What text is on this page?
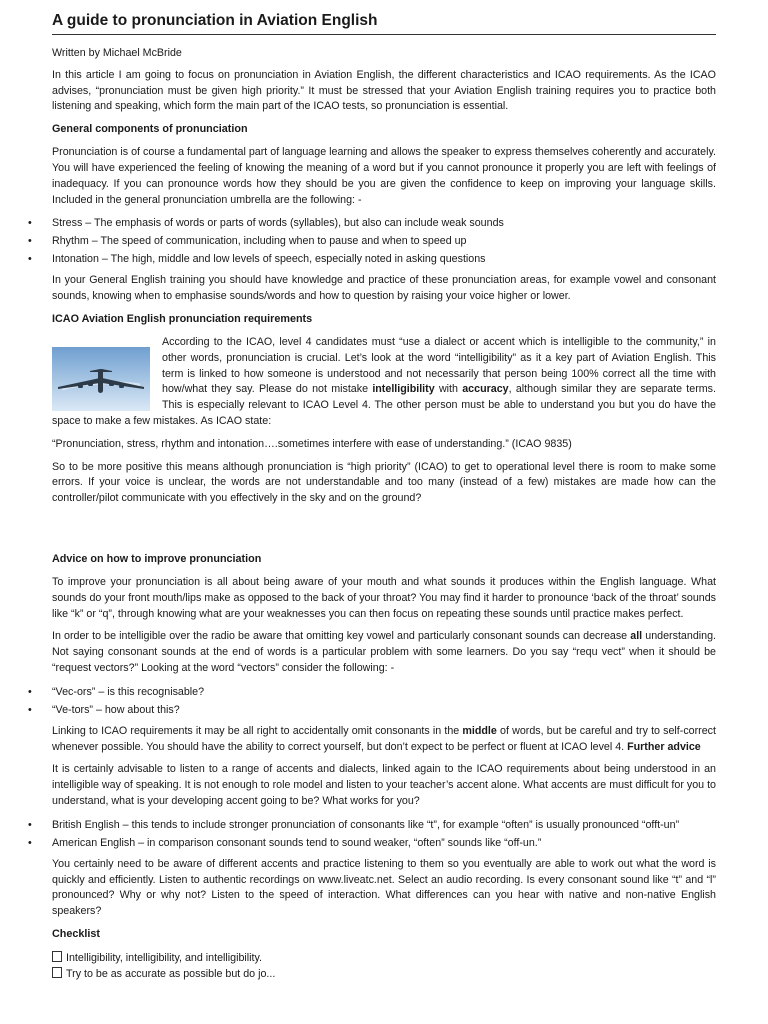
A guide to pronunciation in Aviation English

Written by Michael McBride

In this article I am going to focus on pronunciation in Aviation English, the different characteristics and ICAO requirements. As the ICAO advises, “pronunciation must be given high priority.” It must be stressed that your Aviation English training requires you to practice both listening and speaking, which form the main part of the ICAO tests, so pronunciation is essential.

General components of pronunciation

Pronunciation is of course a fundamental part of language learning and allows the speaker to express themselves coherently and accurately. You will have experienced the feeling of knowing the meaning of a word but if you cannot pronounce it properly you are left with feelings of inadequacy. If you can pronounce words how they should be you are given the confidence to keep on improving your language skills. Included in the general pronunciation umbrella are the following: -

• Stress – The emphasis of words or parts of words (syllables), but also can include weak sounds
• Rhythm – The speed of communication, including when to pause and when to speed up
• Intonation – The high, middle and low levels of speech, especially noted in asking questions

In your General English training you should have knowledge and practice of these pronunciation areas, for example vowel and consonant sounds, knowing when to emphasise sounds/words and how to question by raising your voice higher or lower.

ICAO Aviation English pronunciation requirements

According to the ICAO, level 4 candidates must “use a dialect or accent which is intelligible to the community,” in other words, pronunciation is crucial. Let’s look at the word “intelligibility” as it a key part of Aviation English. This term is linked to how someone is understood and not necessarily that person being 100% correct all the time with how/what they say. Please do not mistake intelligibility with accuracy, although similar they are separate terms. This is especially relevant to ICAO Level 4. The other person must be able to understand you but you do have the space to make a few mistakes. As ICAO state:

“Pronunciation, stress, rhythm and intonation….sometimes interfere with ease of understanding.” (ICAO 9835)

So to be more positive this means although pronunciation is “high priority” (ICAO) to get to operational level there is room to make some errors. If your voice is unclear, the words are not understandable and too many (instead of a few) mistakes are made how can the controller/pilot communicate with you effectively in the sky and on the ground?

Advice on how to improve pronunciation

To improve your pronunciation is all about being aware of your mouth and what sounds it produces within the English language. What sounds do your front mouth/lips make as opposed to the back of your throat? You may find it harder to pronounce ‘back of the throat’ sounds like “k” or “q”, through knowing what are your weaknesses you can then focus on repeating these sounds until practice makes perfect.

In order to be intelligible over the radio be aware that omitting key vowel and particularly consonant sounds can decrease all understanding. Not saying consonant sounds at the end of words is a particular problem with some learners. Do you say “requ vect” when it should be “request vectors?” Looking at the word “vectors” consider the following: -

• “Vec-ors” – is this recognisable?
• “Ve-tors” – how about this?

Linking to ICAO requirements it may be all right to accidentally omit consonants in the middle of words, but be careful and try to self-correct whenever possible. You should have the ability to correct yourself, but don’t expect to be perfect or fluent at ICAO level 4. Further advice

It is certainly advisable to listen to a range of accents and dialects, linked again to the ICAO requirements about being understood in an intelligible way of speaking. It is not enough to role model and listen to your teacher’s accent alone. What accents are must difficult for you to understand, what is your developing accent going to be? What works for you?

• British English – this tends to include stronger pronunciation of consonants like “t”, for example “often” is usually pronounced “offt-un”
• American English – in comparison consonant sounds tend to sound weaker, “often” sounds like “off-un.”

You certainly need to be aware of different accents and practice listening to them so you eventually are able to work out what the word is quickly and efficiently. Listen to authentic recordings on www.liveatc.net. Select an audio recording. Is every consonant sound like “t” and “l” pronounced? Why or why not? Listen to the speed of interaction. What differences can you hear with native and non-native English speakers?

Checklist
Intelligibility, intelligibility, and intelligibility.
Try to be as accurate as possible but do jo...
